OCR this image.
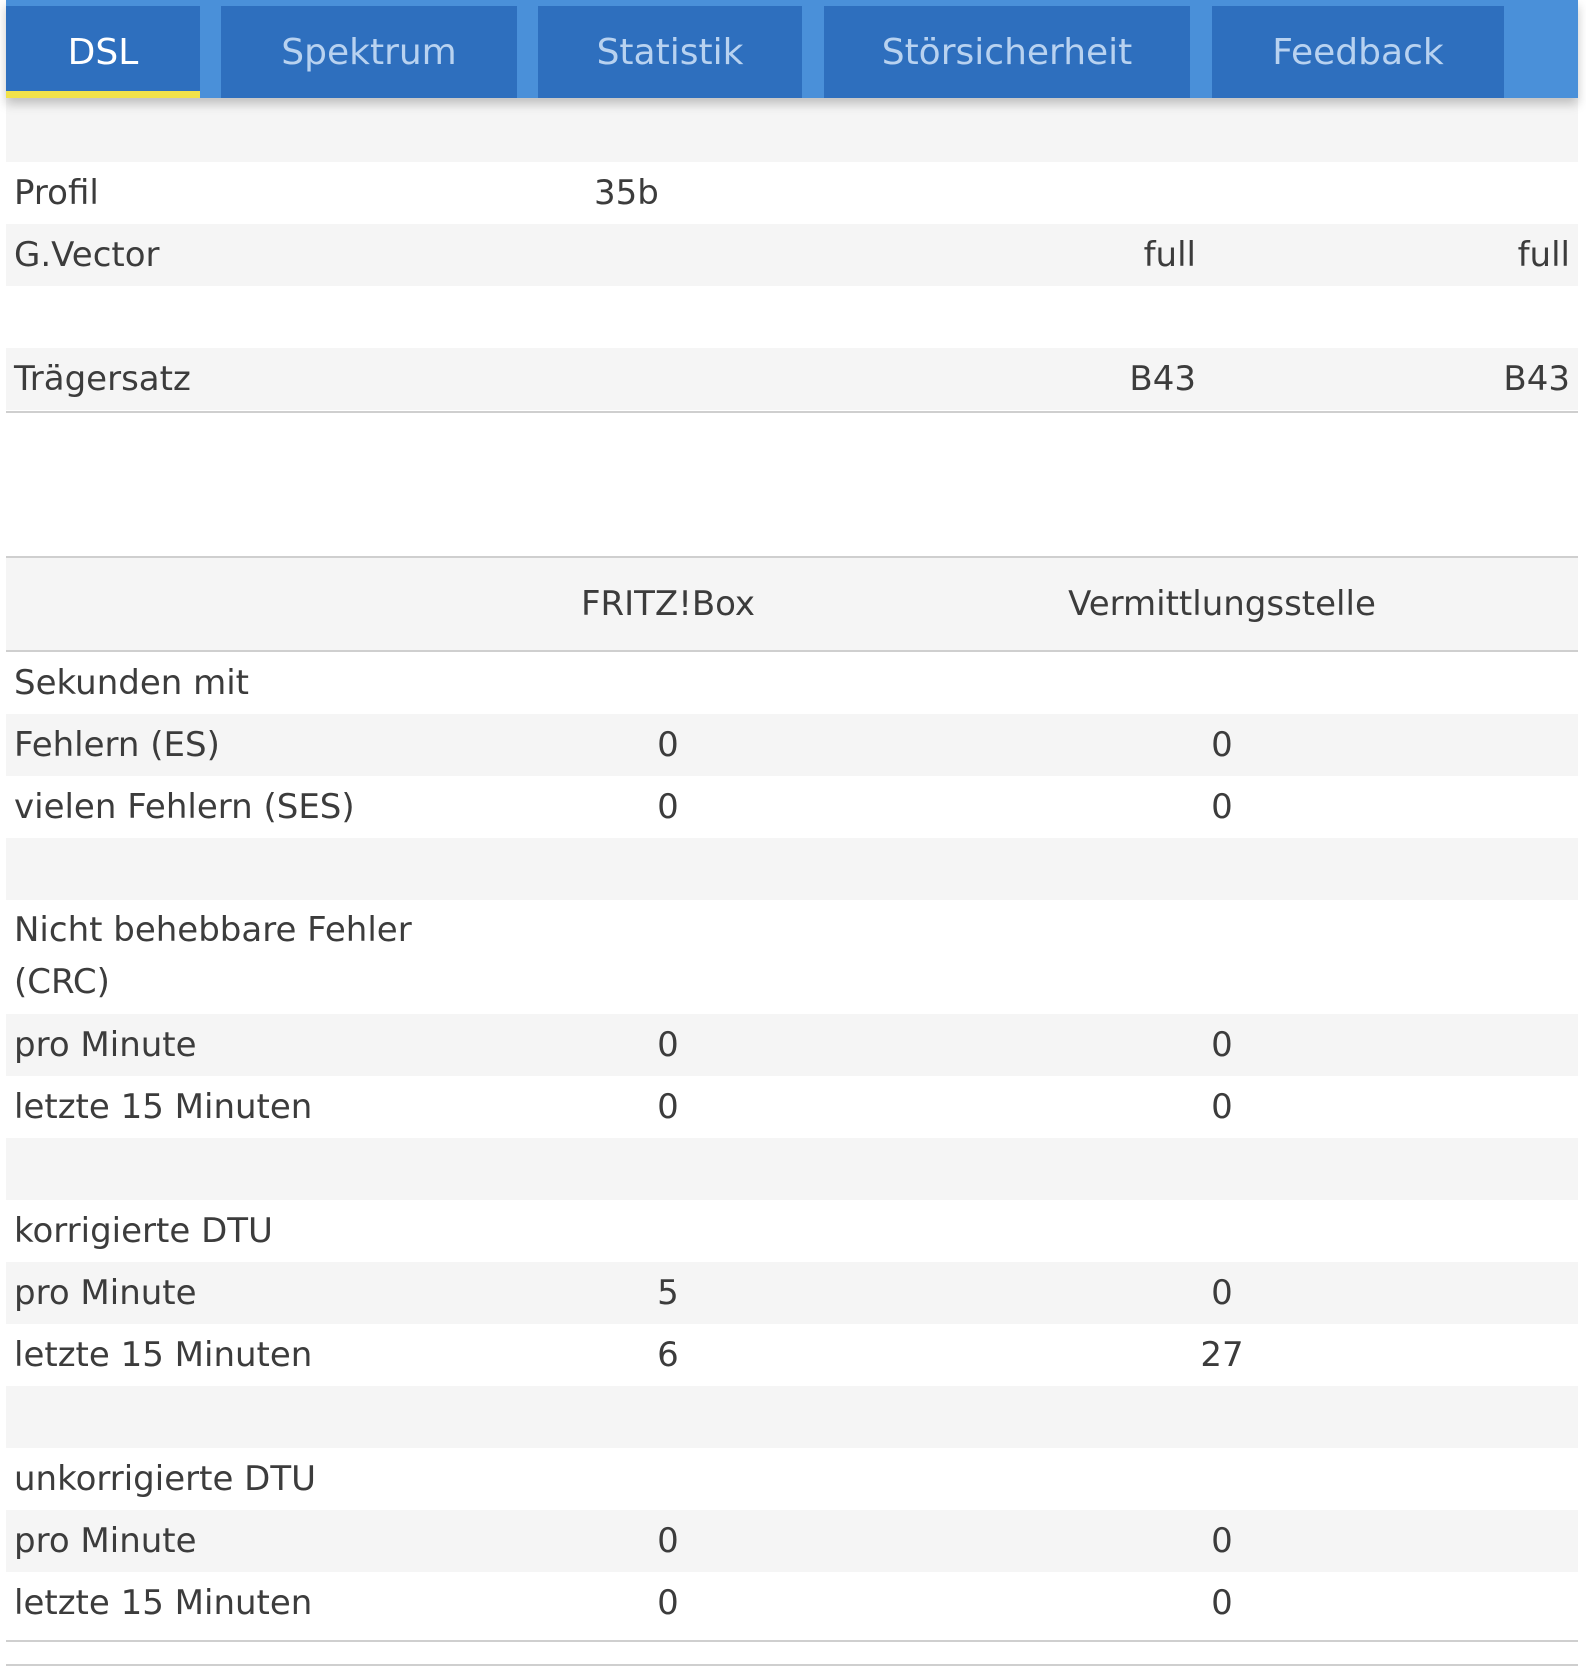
DSL	Spektrum	Statistik	Störsicherheit	Feedback
Profil	35b
G.Vector	full	full
Trägersatz	B43	B43
FRITZ!Box	Vermittlungsstelle
Sekunden mit
Fehlern (ES)	0	0
vielen Fehlern (SES)	0	0
Nicht behebbare Fehler (CRC)
pro Minute	0	0
letzte 15 Minuten	0	0
korrigierte DTU
pro Minute	5	0
letzte 15 Minuten	6	27
unkorrigierte DTU
pro Minute	0	0
letzte 15 Minuten	0	0
